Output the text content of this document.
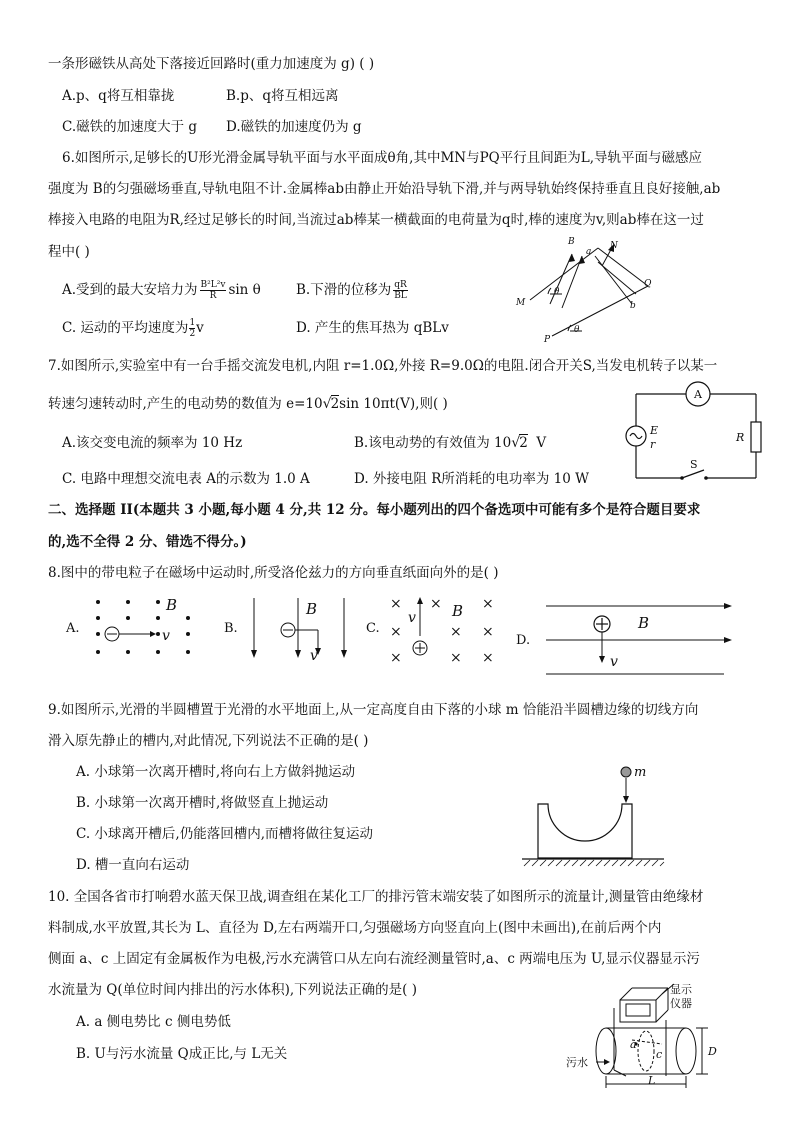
一条形磁铁从高处下落接近回路时(重力加速度为 g) ( )
A.p、q将互相靠拢	B.p、q将互相远离
C.磁铁的加速度大于 g D.磁铁的加速度仍为 g
6.如图所示,足够长的U形光滑金属导轨平面与水平面成θ角,其中MN与PQ平行且间距为L,导轨平面与磁感应
强度为 B的匀强磁场垂直,导轨电阻不计.金属棒ab由静止开始沿导轨下滑,并与两导轨始终保持垂直且良好接触,ab
棒接入电路的电阻为R,经过足够长的时间,当流过ab棒某一横截面的电荷量为q时,棒的速度为v,则ab棒在这一过
程中( )
A.受到的最大安培力为 $\frac{\text{B²L²v}}{R}$ sin θ	B.下滑的位移为 $\frac{qR}{BL}$
C. 运动的平均速度为 $\frac{1}{2}$ v	D. 产生的焦耳热为 qBLv
B
a
N
Q
M	b
P
θ
θ
7.如图所示,实验室中有一台手摇交流发电机,内阻 r=1.0Ω,外接 R=9.0Ω的电阻.闭合开关S,当发电机转子以某一
转速匀速转动时,产生的电动势的数值为 e=10 √ 2sin 10πt(V),则( )
A.该交变电流的频率为 10 Hz	B.该电动势的有效值为 10 √ 2 V
C. 电路中理想交流电表 A的示数为 1.0 A	D. 外接电阻 R所消耗的电功率为 10 W
A
E
r
R
S
二、选择题 II(本题共 3 小题,每小题 4 分,共 12 分。每小题列出的四个备选项中可能有多个是符合题目要求
的,选不全得 2 分、错选不得分。)
8.图中的带电粒子在磁场中运动时,所受洛伦兹力的方向垂直纸面向外的是( )
A.
B
v	B.
B
v
C.
× ×	×
×	× ×
×	× ×
v B
D.
B
v
9.如图所示,光滑的半圆槽置于光滑的水平地面上,从一定高度自由下落的小球 m 恰能沿半圆槽边缘的切线方向
滑入原先静止的槽内,对此情况,下列说法不正确的是( )
A. 小球第一次离开槽时,将向右上方做斜抛运动
B. 小球第一次离开槽时,将做竖直上抛运动
C. 小球离开槽后,仍能落回槽内,而槽将做往复运动
D. 槽一直向右运动
m
10. 全国各省市打响碧水蓝天保卫战,调查组在某化工厂的排污管末端安装了如图所示的流量计,测量管由绝缘材
料制成,水平放置,其长为 L、直径为 D,左右两端开口,匀强磁场方向竖直向上(图中未画出),在前后两个内
侧面 a、c 上固定有金属板作为电极,污水充满管口从左向右流经测量管时,a、c 两端电压为 U,显示仪器显示污
水流量为 Q(单位时间内排出的污水体积),下列说法正确的是( )
A. a 侧电势比 c 侧电势低
B. U与污水流量 Q成正比,与 L无关
显示
仪器
污水
a
c	D
L
